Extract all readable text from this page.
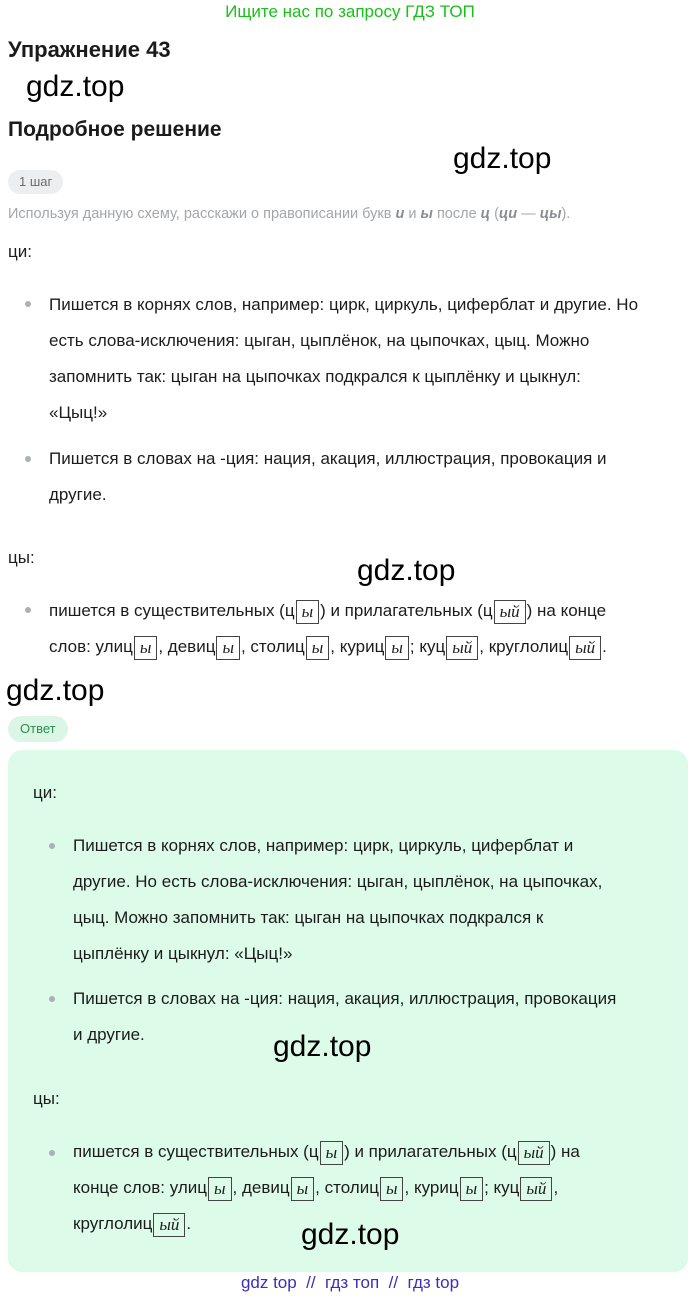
Ищите нас по запросу ГДЗ ТОП
Упражнение 43
gdz.top
Подробное решение
gdz.top
1 шаг
Используя данную схему, расскажи о правописании букв и и ы после ц (ци — цы).
ци:
Пишется в корнях слов, например: цирк, циркуль, циферблат и другие. Но
есть слова-исключения: цыган, цыплёнок, на цыпочках, цыц. Можно
запомнить так: цыган на цыпочках подкрался к цыплёнку и цыкнул:
«Цыц!»
Пишется в словах на -ция: нация, акация, иллюстрация, провокация и
другие.
цы:	gdz.top
пишется в существительных (ц ы ) и прилагательных (ц ый ) на конце
слов: улиц ы , девиц ы , столиц ы , куриц ы ; куц ый , круглолиц ый .
gdz.top
Ответ
ци:
Пишется в корнях слов, например: цирк, циркуль, циферблат и
другие. Но есть слова-исключения: цыган, цыплёнок, на цыпочках,
цыц. Можно запомнить так: цыган на цыпочках подкрался к
цыплёнку и цыкнул: «Цыц!»
Пишется в словах на -ция: нация, акация, иллюстрация, провокация
и другие.	gdz.top
цы:
пишется в существительных (ц ы ) и прилагательных (ц ый ) на
конце слов: улиц ы , девиц ы , столиц ы , куриц ы ; куц ый ,
круглолиц ый .	gdz.top
gdz top  //  гдз топ  //  гдз top
